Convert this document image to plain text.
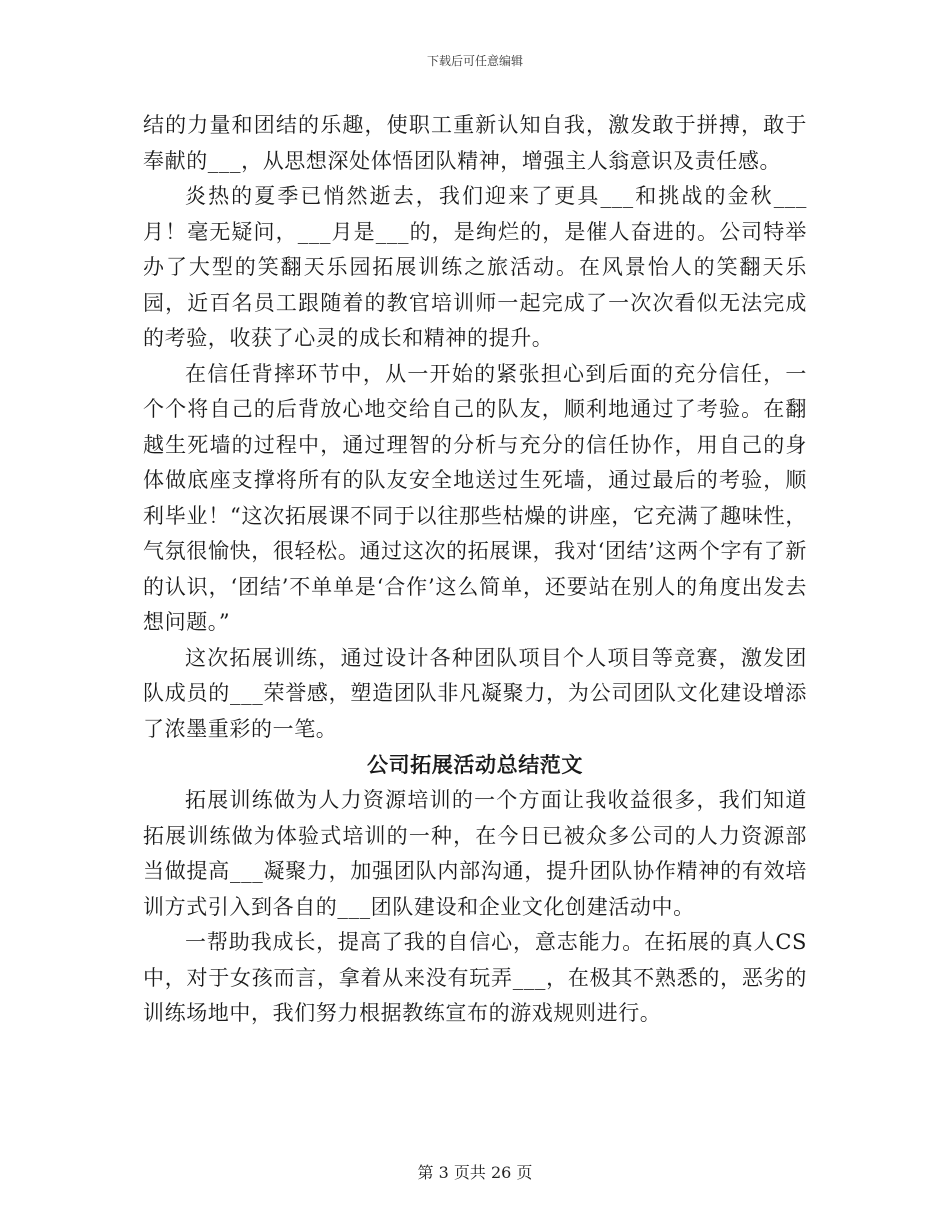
下载后可任意编辑

结的力量和团结的乐趣，使职工重新认知自我，激发敢于拼搏，敢于奉献的___，从思想深处体悟团队精神，增强主人翁意识及责任感。

炎热的夏季已悄然逝去，我们迎来了更具___和挑战的金秋___月！毫无疑问，___月是___的，是绚烂的，是催人奋进的。公司特举办了大型的笑翻天乐园拓展训练之旅活动。在风景怡人的笑翻天乐园，近百名员工跟随着的教官培训师一起完成了一次次看似无法完成的考验，收获了心灵的成长和精神的提升。

在信任背摔环节中，从一开始的紧张担心到后面的充分信任，一个个将自己的后背放心地交给自己的队友，顺利地通过了考验。在翻越生死墙的过程中，通过理智的分析与充分的信任协作，用自己的身体做底座支撑将所有的队友安全地送过生死墙，通过最后的考验，顺利毕业！“这次拓展课不同于以往那些枯燥的讲座，它充满了趣味性，气氛很愉快，很轻松。通过这次的拓展课，我对‘团结’这两个字有了新的认识，‘团结’不单单是‘合作’这么简单，还要站在别人的角度出发去想问题。”

这次拓展训练，通过设计各种团队项目个人项目等竞赛，激发团队成员的___荣誉感，塑造团队非凡凝聚力，为公司团队文化建设增添了浓墨重彩的一笔。

公司拓展活动总结范文

拓展训练做为人力资源培训的一个方面让我收益很多，我们知道拓展训练做为体验式培训的一种，在今日已被众多公司的人力资源部当做提高___凝聚力，加强团队内部沟通，提升团队协作精神的有效培训方式引入到各自的___团队建设和企业文化创建活动中。

一帮助我成长，提高了我的自信心，意志能力。在拓展的真人CS中，对于女孩而言，拿着从来没有玩弄___，在极其不熟悉的，恶劣的训练场地中，我们努力根据教练宣布的游戏规则进行。

第 3 页共 26 页
